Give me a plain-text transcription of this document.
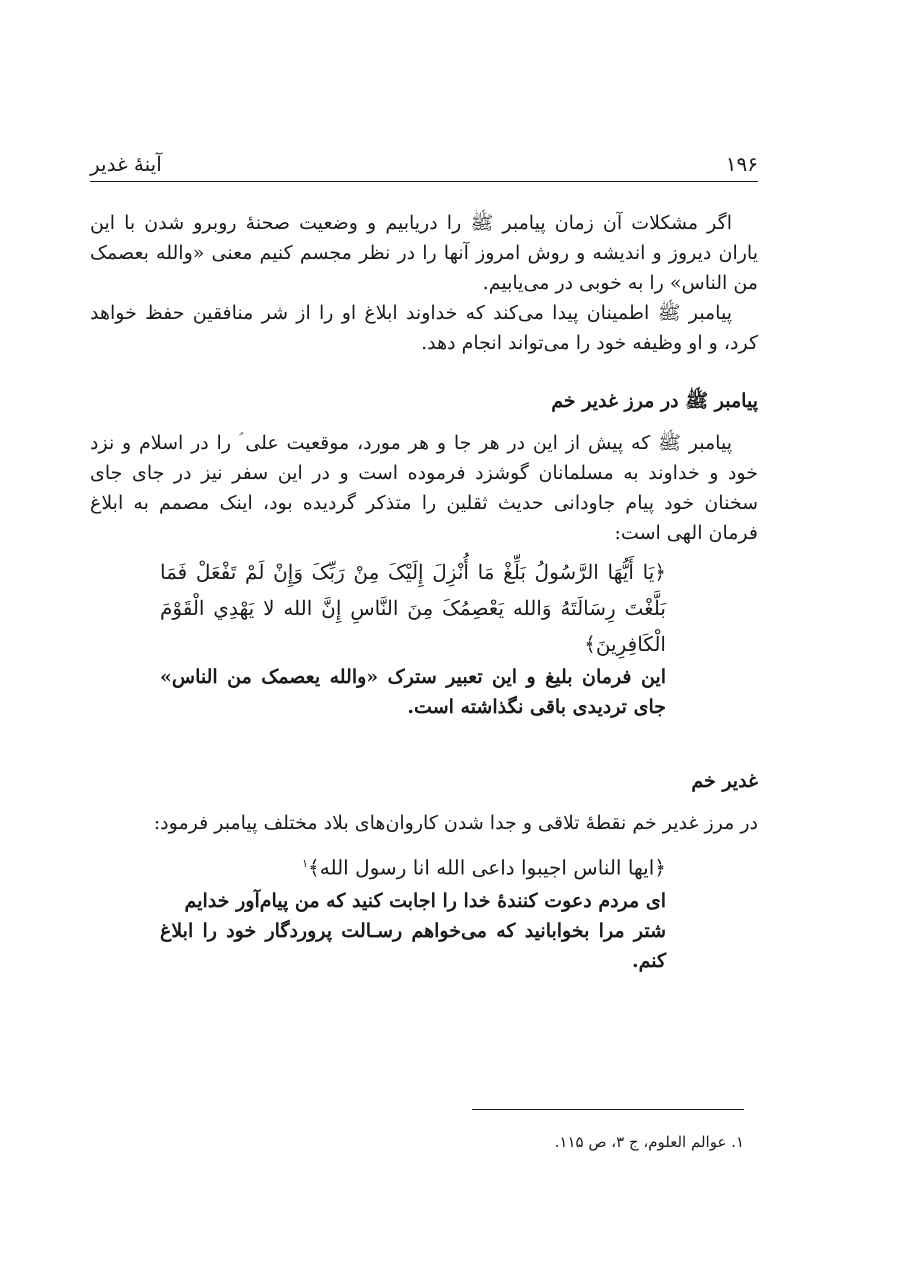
۱۹۶
آینهٔ غدیر

اگر مشکلات آن زمان پیامبر ﷺ را دریابیم و وضعیت صحنهٔ روبرو شدن با این یاران دیروز و اندیشه و روش امروز آنها را در نظر مجسم کنیم معنی «والله بعصمک من الناس» را به خوبی در می‌یابیم.

پیامبر ﷺ اطمینان پیدا می‌کند که خداوند ابلاغ او را از شر منافقین حفظ خواهد کرد، و او وظیفه خود را می‌تواند انجام دهد.

پیامبر ﷺ در مرز غدیر خم

پیامبر ﷺ که پیش از این در هر جا و هر مورد، موقعیت علی ؑ را در اسلام و نزد خود و خداوند به مسلمانان گوشزد فرموده است و در این سفر نیز در جای جای سخنان خود پیام جاودانی حدیث ثقلین را متذکر گردیده بود، اینک مصمم به ابلاغ فرمان الهی است:

﴿یَا أَیُّهَا الرَّسُولُ بَلِّغْ مَا أُنْزِلَ إِلَیْکَ مِنْ رَبِّکَ وَإِنْ لَمْ تَفْعَلْ فَمَا بَلَّغْتَ رِسَالَتَهُ وَالله یَعْصِمُکَ مِنَ النَّاسِ إِنَّ الله لا یَهْدِي الْقَوْمَ الْکَافِرِینَ﴾

این فرمان بلیغ و این تعبیر سترک «والله یعصمک من الناس» جای تردیدی باقی نگذاشته است.

غدیر خم

در مرز غدیر خم نقطهٔ تلاقی و جدا شدن کاروان‌های بلاد مختلف پیامبر فرمود:

﴿ایها الناس اجیبوا داعی الله انا رسول الله﴾$^۱$

ای مردم دعوت کنندهٔ خدا را اجابت کنید که من پیام‌آور خدایم

شتر مرا بخوابانید که می‌خواهم رسـالت پروردگار خود را ابلاغ کنم.

۱. عوالم العلوم، ج ۳، ص ۱۱۵.
